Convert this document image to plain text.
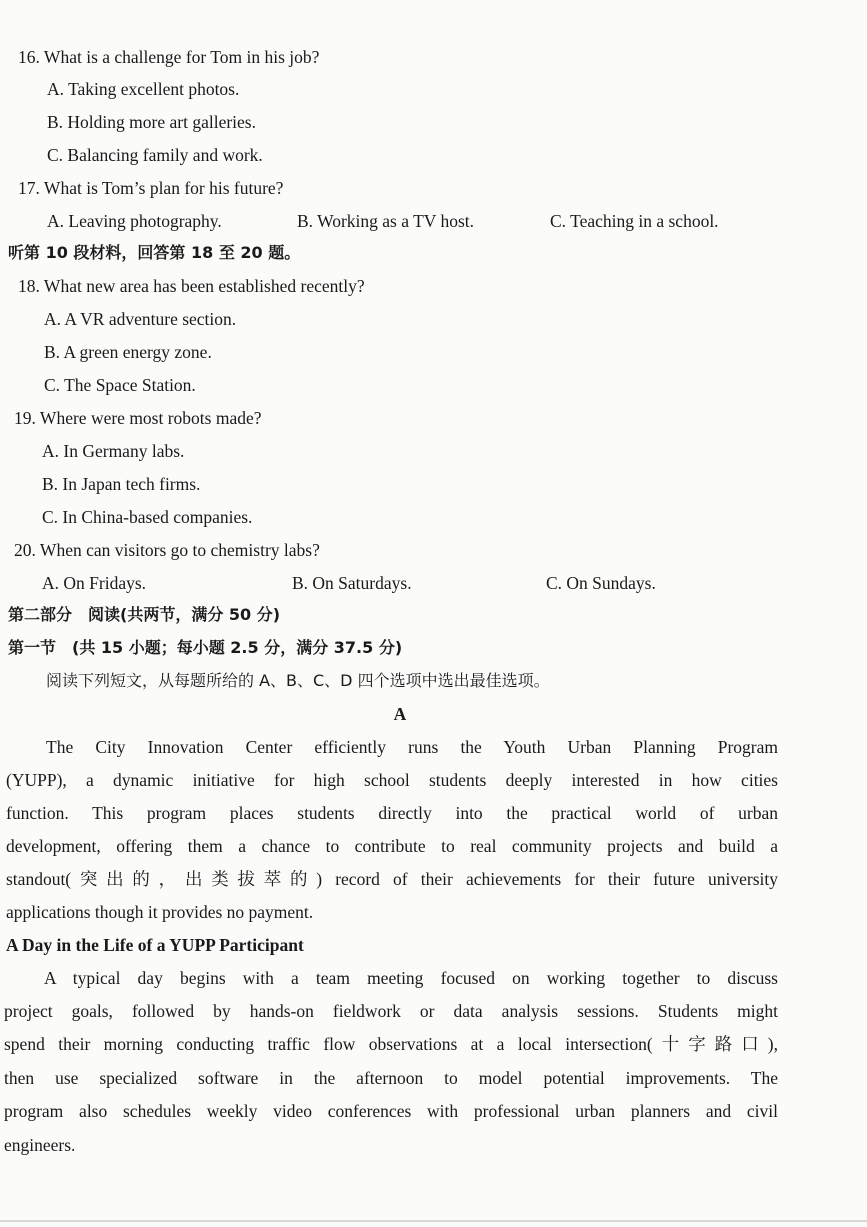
16. What is a challenge for Tom in his job?
A. Taking excellent photos.
B. Holding more art galleries.
C. Balancing family and work.
17. What is Tom’s plan for his future?
A. Leaving photography.	B. Working as a TV host.	C. Teaching in a school.
听第 10 段材料，回答第 18 至 20 题。
18. What new area has been established recently?
A. A VR adventure section.
B. A green energy zone.
C. The Space Station.
19. Where were most robots made?
A. In Germany labs.
B. In Japan tech firms.
C. In China-based companies.
20. When can visitors go to chemistry labs?
A. On Fridays.	B. On Saturdays.	C. On Sundays.
第二部分　阅读(共两节，满分 50 分)
第一节　(共 15 小题；每小题 2.5 分，满分 37.5 分)
阅读下列短文，从每题所给的 A、B、C、D 四个选项中选出最佳选项。
A
The City Innovation Center efficiently runs the Youth Urban Planning Program
(YUPP), a dynamic initiative for high school students deeply interested in how cities
function. This program places students directly into the practical world of urban
development, offering them a chance to contribute to real community projects and build a
standout(突出的，出类拔萃的) record of their achievements for their future university
applications though it provides no payment.
A Day in the Life of a YUPP Participant
A typical day begins with a team meeting focused on working together to discuss
project goals, followed by hands-on fieldwork or data analysis sessions. Students might
spend their morning conducting traffic flow observations at a local intersection(十字路口),
then use specialized software in the afternoon to model potential improvements. The
program also schedules weekly video conferences with professional urban planners and civil
engineers.
